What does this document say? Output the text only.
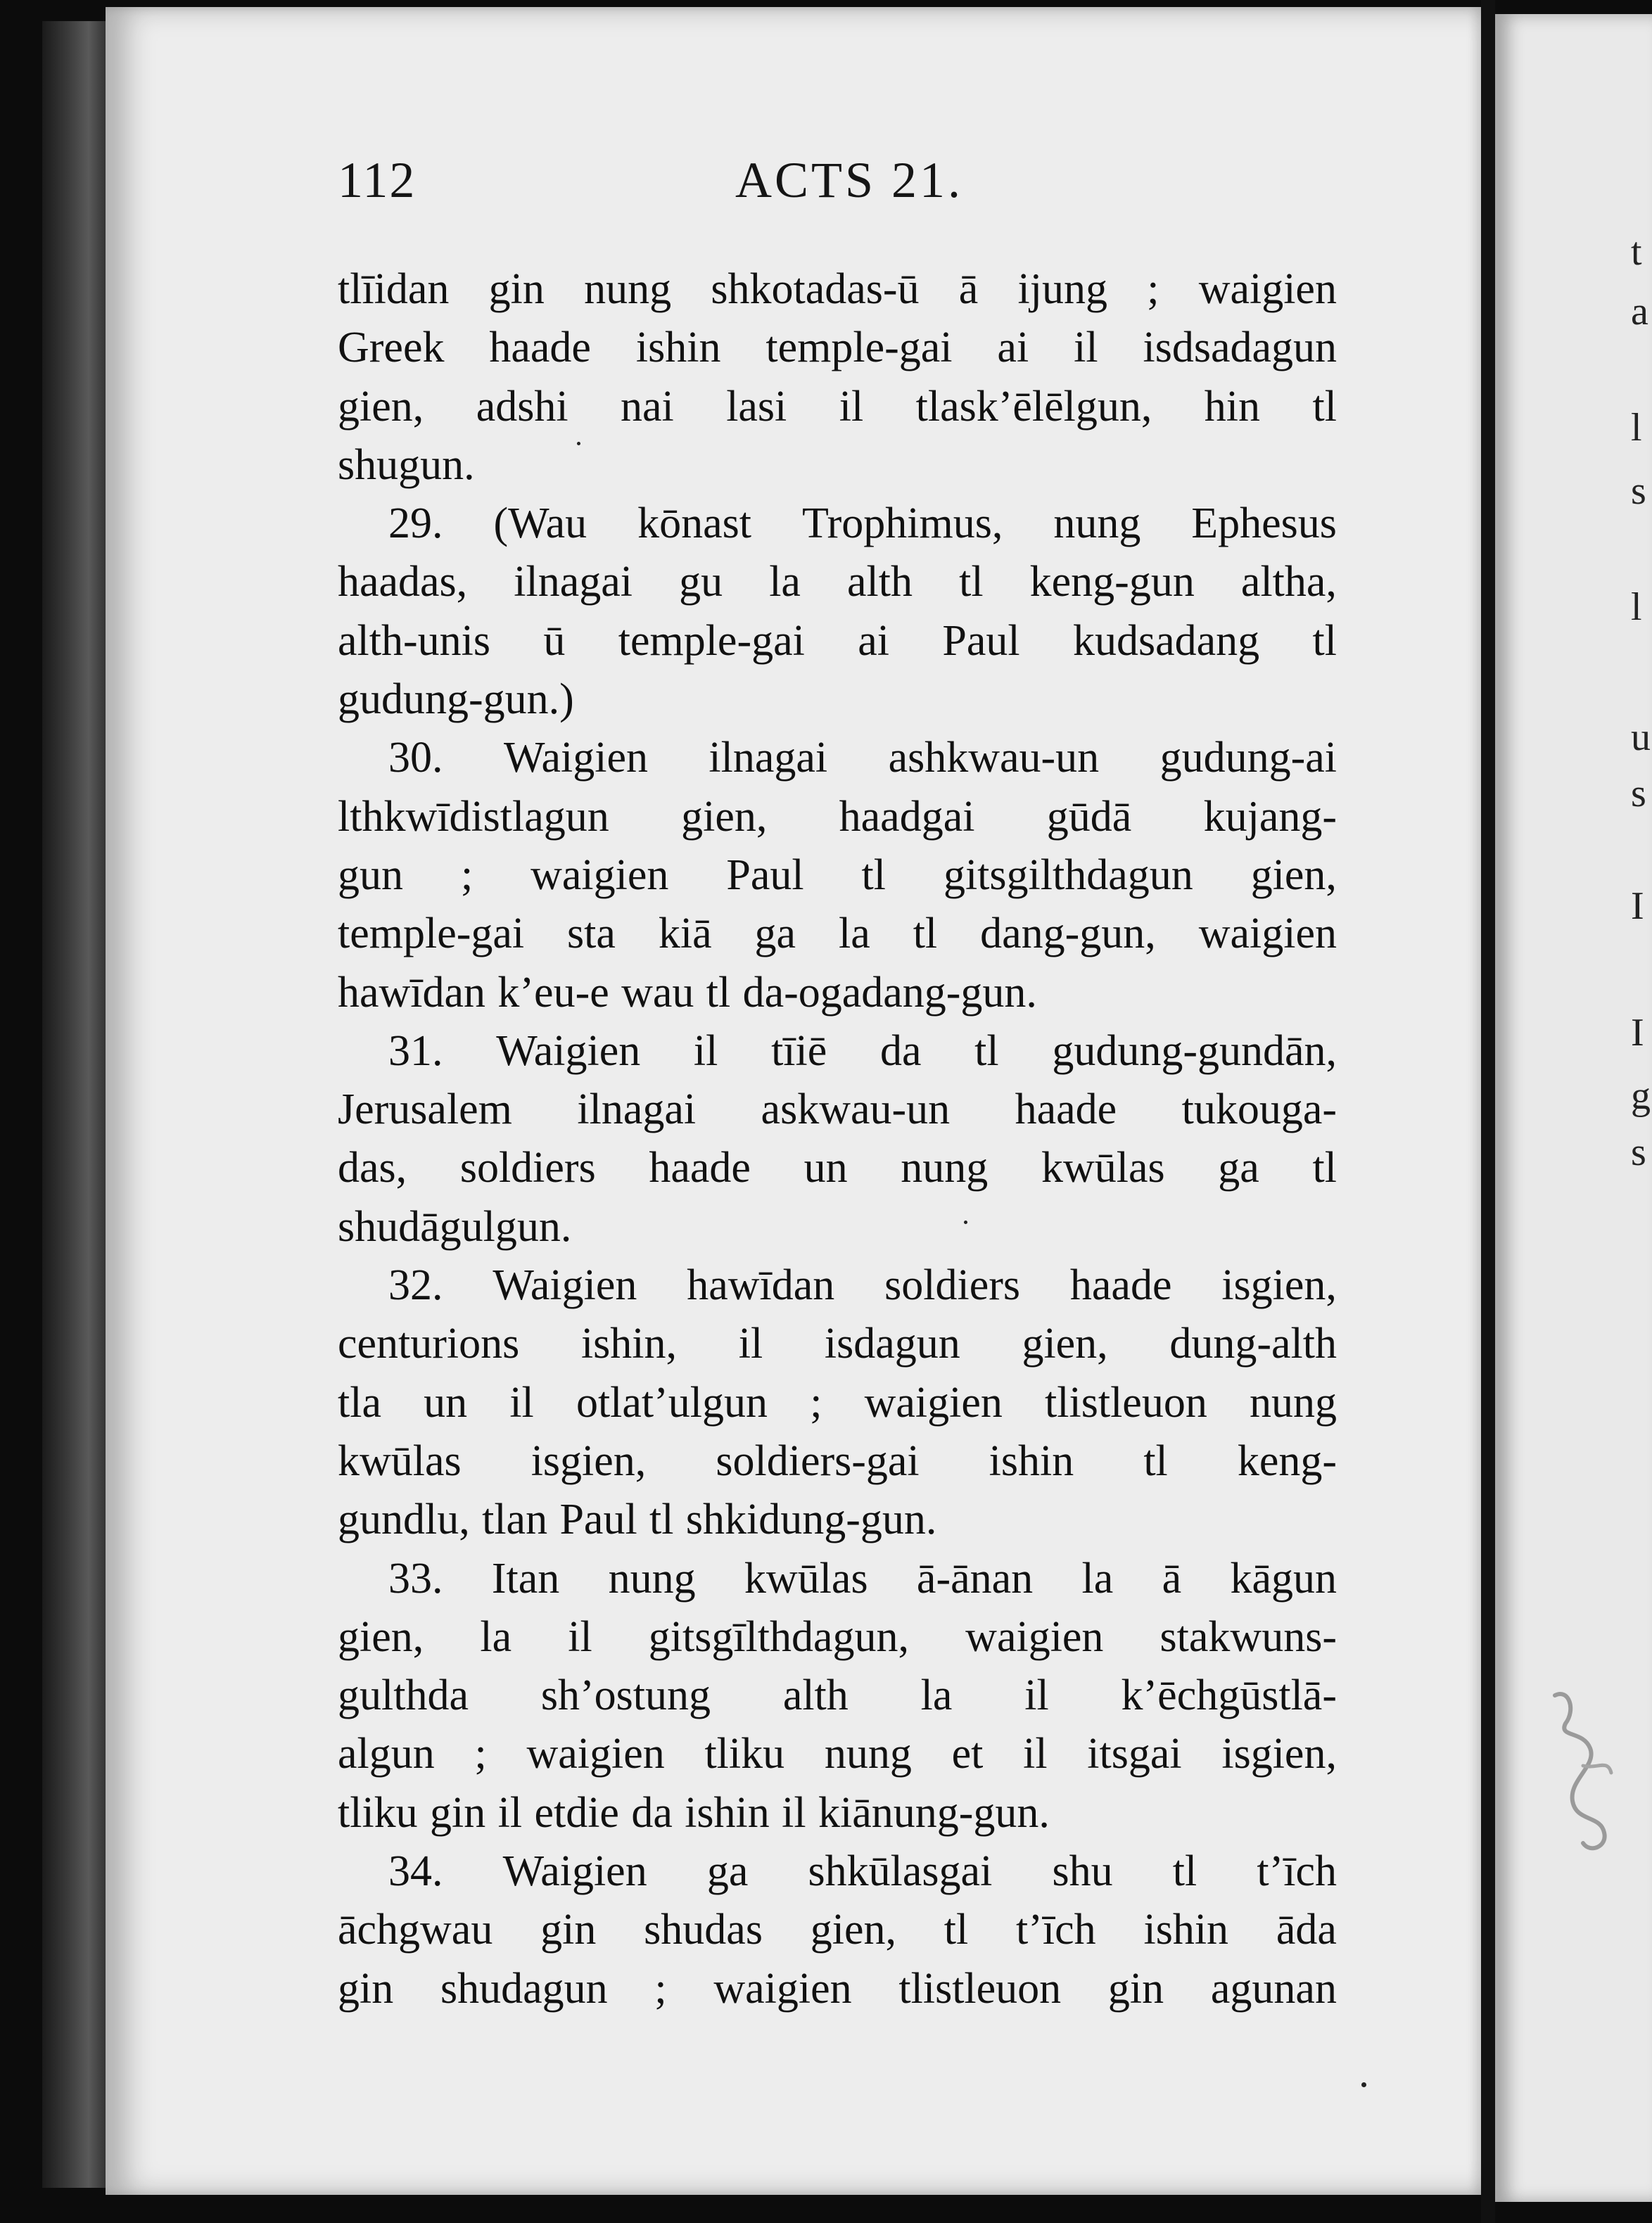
112	ACTS 21.
tlīidan gin nung shkotadas-ū ā ijung ; waigien
Greek haade ishin temple-gai ai il isdsadagun
gien, adshi nai lasi il tlask’ēlēlgun, hin tl
shugun.
29. (Wau kōnast Trophimus, nung Ephesus
haadas, ilnagai gu la alth tl keng-gun altha,
alth-unis ū temple-gai ai Paul kudsadang tl
gudung-gun.)
30. Waigien ilnagai ashkwau-un gudung-ai
lthkwīdistlagun gien, haadgai gūdā kujang-
gun ; waigien Paul tl gitsgilthdagun gien,
temple-gai sta kiā ga la tl dang-gun, waigien
hawīdan k’eu-e wau tl da-ogadang-gun.
31. Waigien il tīiē da tl gudung-gundān,
Jerusalem ilnagai askwau-un haade tukouga-
das, soldiers haade un nung kwūlas ga tl
shudāgulgun.
32. Waigien hawīdan soldiers haade isgien,
centurions ishin, il isdagun gien, dung-alth
tla un il otlat’ulgun ; waigien tlistleuon nung
kwūlas isgien, soldiers-gai ishin tl keng-
gundlu, tlan Paul tl shkidung-gun.
33. Itan nung kwūlas ā-ānan la ā kāgun
gien, la il gitsgīlthdagun, waigien stakwuns-
gulthda sh’ostung alth la il k’ēchgūstlā-
algun ; waigien tliku nung et il itsgai isgien,
tliku gin il etdie da ishin il kiānung-gun.
34. Waigien ga shkūlasgai shu tl t’īch
āchgwau gin shudas gien, tl t’īch ishin āda
gin shudagun ; waigien tlistleuon gin agunan
t
a
l
s
l
u
s
I
I
g
s
